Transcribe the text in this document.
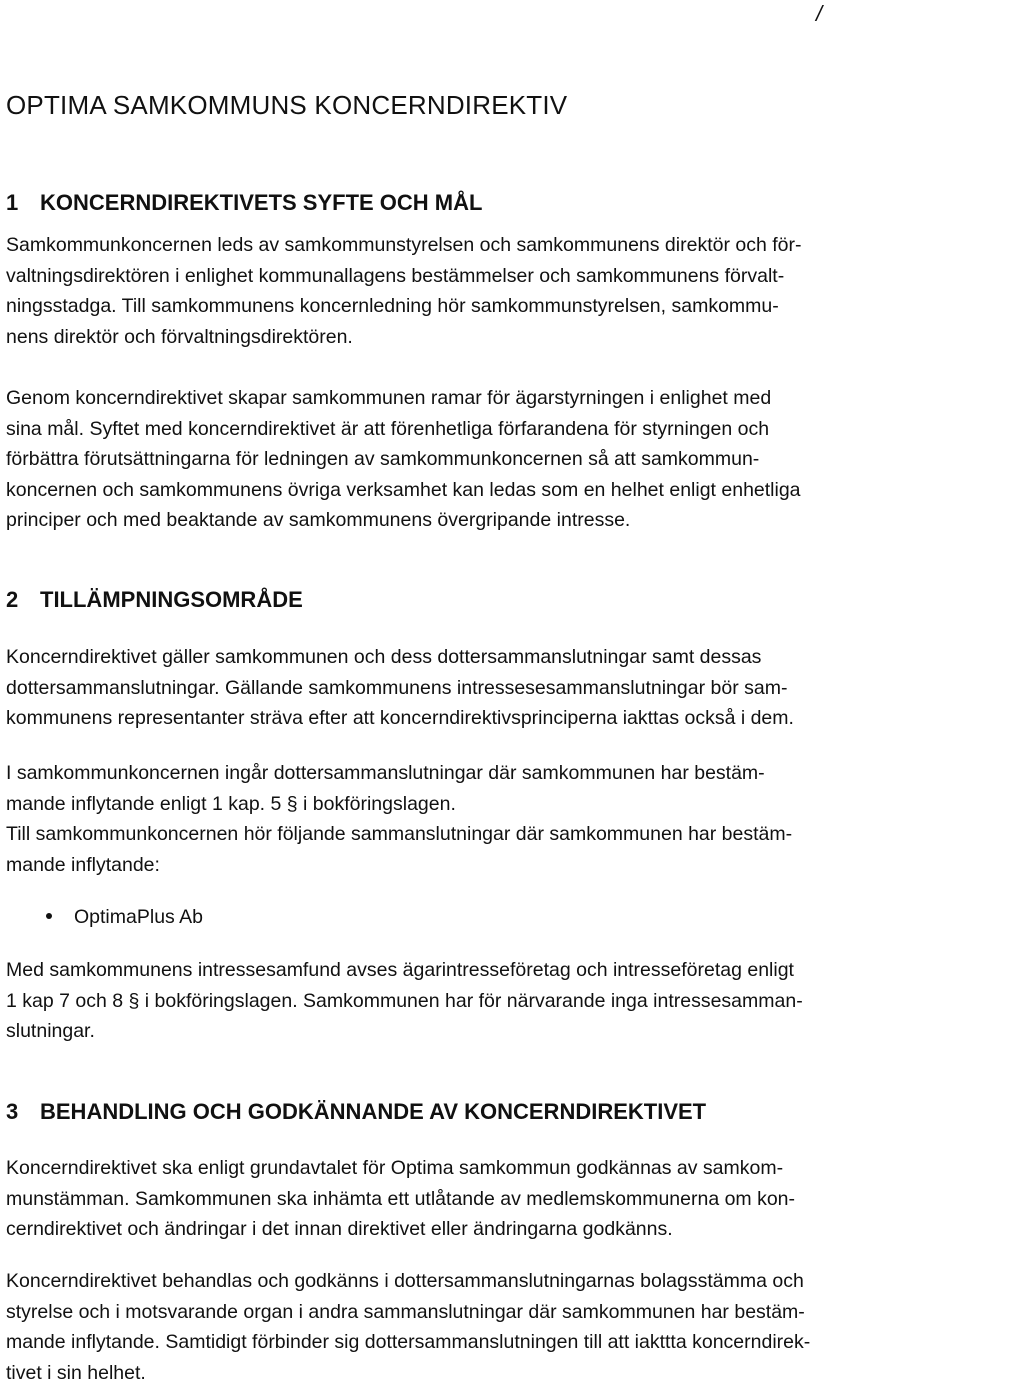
/
OPTIMA SAMKOMMUNS KONCERNDIREKTIV
1 KONCERNDIREKTIVETS SYFTE OCH MÅL

Samkommunkoncernen leds av samkommunstyrelsen och samkommunens direktör och för-
valtningsdirektören i enlighet kommunallagens bestämmelser och samkommunens förvalt-
ningsstadga. Till samkommunens koncernledning hör samkommunstyrelsen, samkommu-
nens direktör och förvaltningsdirektören.

Genom koncerndirektivet skapar samkommunen ramar för ägarstyrningen i enlighet med
sina mål. Syftet med koncerndirektivet är att förenhetliga förfarandena för styrningen och
förbättra förutsättningarna för ledningen av samkommunkoncernen så att samkommun-
koncernen och samkommunens övriga verksamhet kan ledas som en helhet enligt enhetliga
principer och med beaktande av samkommunens övergripande intresse.

2 TILLÄMPNINGSOMRÅDE

Koncerndirektivet gäller samkommunen och dess dottersammanslutningar samt dessas
dottersammanslutningar. Gällande samkommunens intressesesammanslutningar bör sam-
kommunens representanter sträva efter att koncerndirektivsprinciperna iakttas också i dem.

I samkommunkoncernen ingår dottersammanslutningar där samkommunen har bestäm-
mande inflytande enligt 1 kap. 5 § i bokföringslagen.
Till samkommunkoncernen hör följande sammanslutningar där samkommunen har bestäm-
mande inflytande:

OptimaPlus Ab

Med samkommunens intressesamfund avses ägarintresseföretag och intresseföretag enligt
1 kap 7 och 8 § i bokföringslagen. Samkommunen har för närvarande inga intressesamman-
slutningar.

3 BEHANDLING OCH GODKÄNNANDE AV KONCERNDIREKTIVET

Koncerndirektivet ska enligt grundavtalet för Optima samkommun godkännas av samkom-
munstämman. Samkommunen ska inhämta ett utlåtande av medlemskommunerna om kon-
cerndirektivet och ändringar i det innan direktivet eller ändringarna godkänns.

Koncerndirektivet behandlas och godkänns i dottersammanslutningarnas bolagsstämma och
styrelse och i motsvarande organ i andra sammanslutningar där samkommunen har bestäm-
mande inflytande. Samtidigt förbinder sig dottersammanslutningen till att iakttta koncerndirek-
tivet i sin helhet.
